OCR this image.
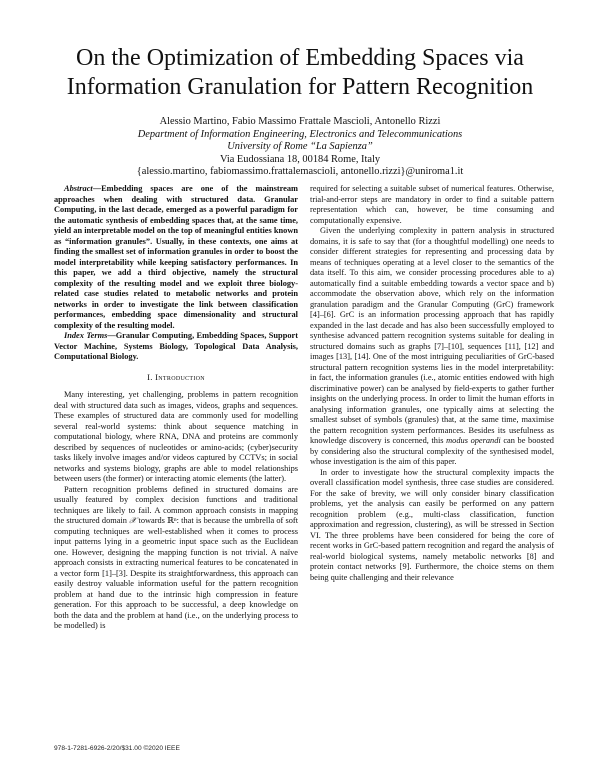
On the Optimization of Embedding Spaces via
Information Granulation for Pattern Recognition
Alessio Martino, Fabio Massimo Frattale Mascioli, Antonello Rizzi
Department of Information Engineering, Electronics and Telecommunications
University of Rome “La Sapienza”
Via Eudossiana 18, 00184 Rome, Italy
{alessio.martino, fabiomassimo.frattalemascioli, antonello.rizzi}@uniroma1.it

Abstract—Embedding spaces are one of the mainstream approaches when dealing with structured data. Granular Computing, in the last decade, emerged as a powerful paradigm for the automatic synthesis of embedding spaces that, at the same time, yield an interpretable model on the top of meaningful entities known as “information granules”. Usually, in these contexts, one aims at finding the smallest set of information granules in order to boost the model interpretability while keeping satisfactory performances. In this paper, we add a third objective, namely the structural complexity of the resulting model and we exploit three biology-related case studies related to metabolic networks and protein networks in order to investigate the link between classification performances, embedding space dimensionality and structural complexity of the resulting model.

Index Terms—Granular Computing, Embedding Spaces, Support Vector Machine, Systems Biology, Topological Data Analysis, Computational Biology.

I. Introduction

Many interesting, yet challenging, problems in pattern recognition deal with structured data such as images, videos, graphs and sequences. These examples of structured data are commonly used for modelling several real-world systems: think about sequence matching in computational biology, where RNA, DNA and proteins are commonly described by sequences of nucleotides or amino-acids; (cyber)security tasks likely involve images and/or videos captured by CCTVs; in social networks and systems biology, graphs are able to model relationships between users (the former) or interacting atomic elements (the latter).

Pattern recognition problems defined in structured domains are usually featured by complex decision functions and traditional techniques are likely to fail. A common approach consists in mapping the structured domain 𝒳 towards ℝⁿ: that is because the umbrella of soft computing techniques are well-established when it comes to process input patterns lying in a geometric input space such as the Euclidean one. However, designing the mapping function is not trivial. A naïve approach consists in extracting numerical features to be concatenated in a vector form [1]–[3]. Despite its straightforwardness, this approach can easily destroy valuable information useful for the pattern recognition problem at hand due to the intrinsic high compression in feature generation. For this approach to be successful, a deep knowledge on both the data and the problem at hand (i.e., on the underlying process to be modelled) is

required for selecting a suitable subset of numerical features. Otherwise, trial-and-error steps are mandatory in order to find a suitable pattern representation which can, however, be time consuming and computationally expensive.

Given the underlying complexity in pattern analysis in structured domains, it is safe to say that (for a thoughtful modelling) one needs to consider different strategies for representing and processing data by means of techniques operating at a level closer to the semantics of the data itself. To this aim, we consider processing procedures able to a) automatically find a suitable embedding towards a vector space and b) accommodate the observation above, which rely on the information granulation paradigm and the Granular Computing (GrC) framework [4]–[6]. GrC is an information processing approach that has rapidly expanded in the last decade and has also been successfully employed to synthesise advanced pattern recognition systems suitable for dealing in structured domains such as graphs [7]–[10], sequences [11], [12] and images [13], [14]. One of the most intriguing peculiarities of GrC-based structural pattern recognition systems lies in the model interpretability: in fact, the information granules (i.e., atomic entities endowed with high discriminative power) can be analysed by field-experts to gather further insights on the underlying process. In order to limit the human efforts in analysing information granules, one typically aims at selecting the smallest subset of symbols (granules) that, at the same time, maximise the pattern recognition system performances. Besides its usefulness as knowledge discovery is concerned, this modus operandi can be boosted by considering also the structural complexity of the synthesised model, whose investigation is the aim of this paper.

In order to investigate how the structural complexity impacts the overall classification model synthesis, three case studies are considered. For the sake of brevity, we will only consider binary classification problems, yet the analysis can easily be performed on any pattern recognition problem (e.g., multi-class classification, function approximation and regression, clustering), as will be stressed in Section VI. The three problems have been considered for being the core of recent works in GrC-based pattern recognition and regard the analysis of real-world biological systems, namely metabolic networks [8] and protein contact networks [9]. Furthermore, the choice stems on them being quite challenging and their relevance

978-1-7281-6926-2/20/$31.00 ©2020 IEEE
